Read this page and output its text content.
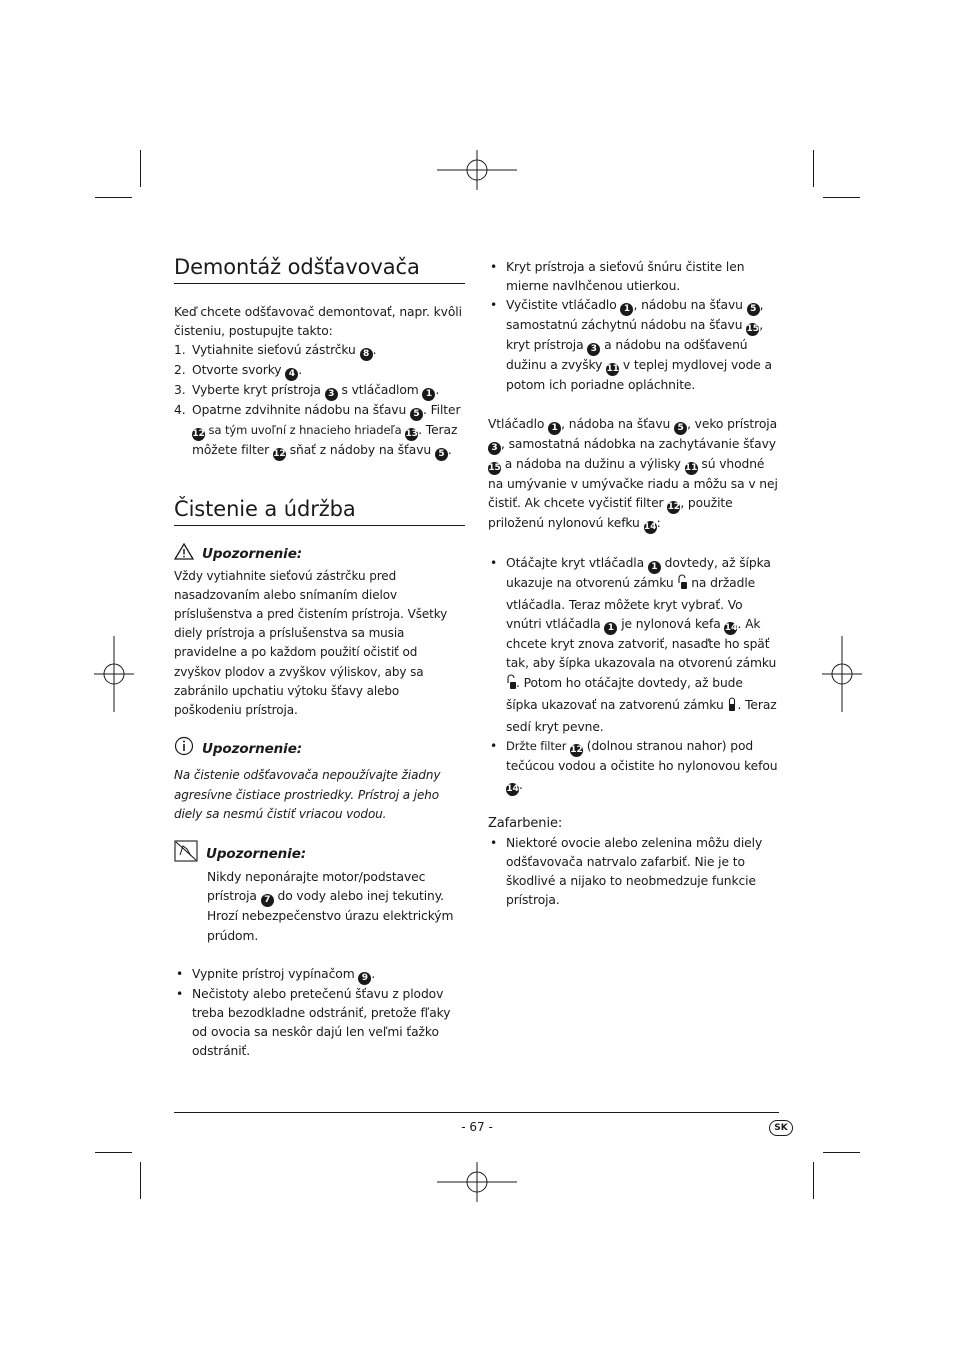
Demontáž odšťavovača

Keď chcete odšťavovač demontovať, napr. kvôli čisteniu, postupujte takto:

1. Vytiahnite sieťovú zástrčku 8 .
2. Otvorte svorky 4 .
3. Vyberte kryt prístroja 3 s vtláčadlom 1 .
4. Opatrne zdvihnite nádobu na šťavu 5 . Filter 12 sa tým uvoľní z hnacieho hriadeľa 13. Teraz môžete filter 12 sňať z nádoby na šťavu 5 .
Čistenie a údržba
Upozornenie:

Vždy vytiahnite sieťovú zástrčku pred nasadzovaním alebo snímaním dielov príslušenstva a pred čistením prístroja. Všetky diely prístroja a príslušenstva sa musia pravidelne a po každom použití očistiť od zvyškov plodov a zvyškov výliskov, aby sa zabránilo upchatiu výtoku šťavy alebo poškodeniu prístroja.

Upozornenie:

Na čistenie odšťavovača nepoužívajte žiadny agresívne čistiace prostriedky. Prístroj a jeho diely sa nesmú čistiť vriacou vodou.

Upozornenie:

Nikdy neponárajte motor/podstavec prístroja 7 do vody alebo inej tekutiny. Hrozí nebezpečenstvo úrazu elektrickým prúdom.

• Vypnite prístroj vypínačom 9 .
• Nečistoty alebo pretečenú šťavu z plodov treba bezodkladne odstrániť, pretože fľaky od ovocia sa neskôr dajú len veľmi ťažko odstrániť.
• Kryt prístroja a sieťovú šnúru čistite len mierne navlhčenou utierkou.
• Vyčistite vtláčadlo 1 , nádobu na šťavu 5 , samostatnú záchytnú nádobu na šťavu 15, kryt prístroja 3 a nádobu na odšťavenú dužinu a zvyšky 11 v teplej mydlovej vode a potom ich poriadne opláchnite.

Vtláčadlo 1 , nádoba na šťavu 5 , veko prístroja 3 , samostatná nádobka na zachytávanie šťavy 15 a nádoba na dužinu a výlisky 11 sú vhodné na umývanie v umývačke riadu a môžu sa v nej čistiť. Ak chcete vyčistiť filter 12, použite priloženú nylonovú kefku 14:

• Otáčajte kryt vtláčadla 1 dovtedy, až šípka ukazuje na otvorenú zámku  na držadle vtláčadla. Teraz môžete kryt vybrať. Vo vnútri vtláčadla 1 je nylonová kefa 14. Ak chcete kryt znova zatvoriť, nasaďte ho späť tak, aby šípka ukazovala na otvorenú zámku . Potom ho otáčajte dovtedy, až bude šípka ukazovať na zatvorenú zámku . Teraz sedí kryt pevne.
• Držte filter 12 (dolnou stranou nahor) pod tečúcou vodou a očistite ho nylonovou kefou 14.

Zafarbenie:

• Niektoré ovocie alebo zelenina môžu diely odšťavovača natrvalo zafarbiť. Nie je to škodlivé a nijako to neobmedzuje funkcie prístroja.
- 67 -	SK
